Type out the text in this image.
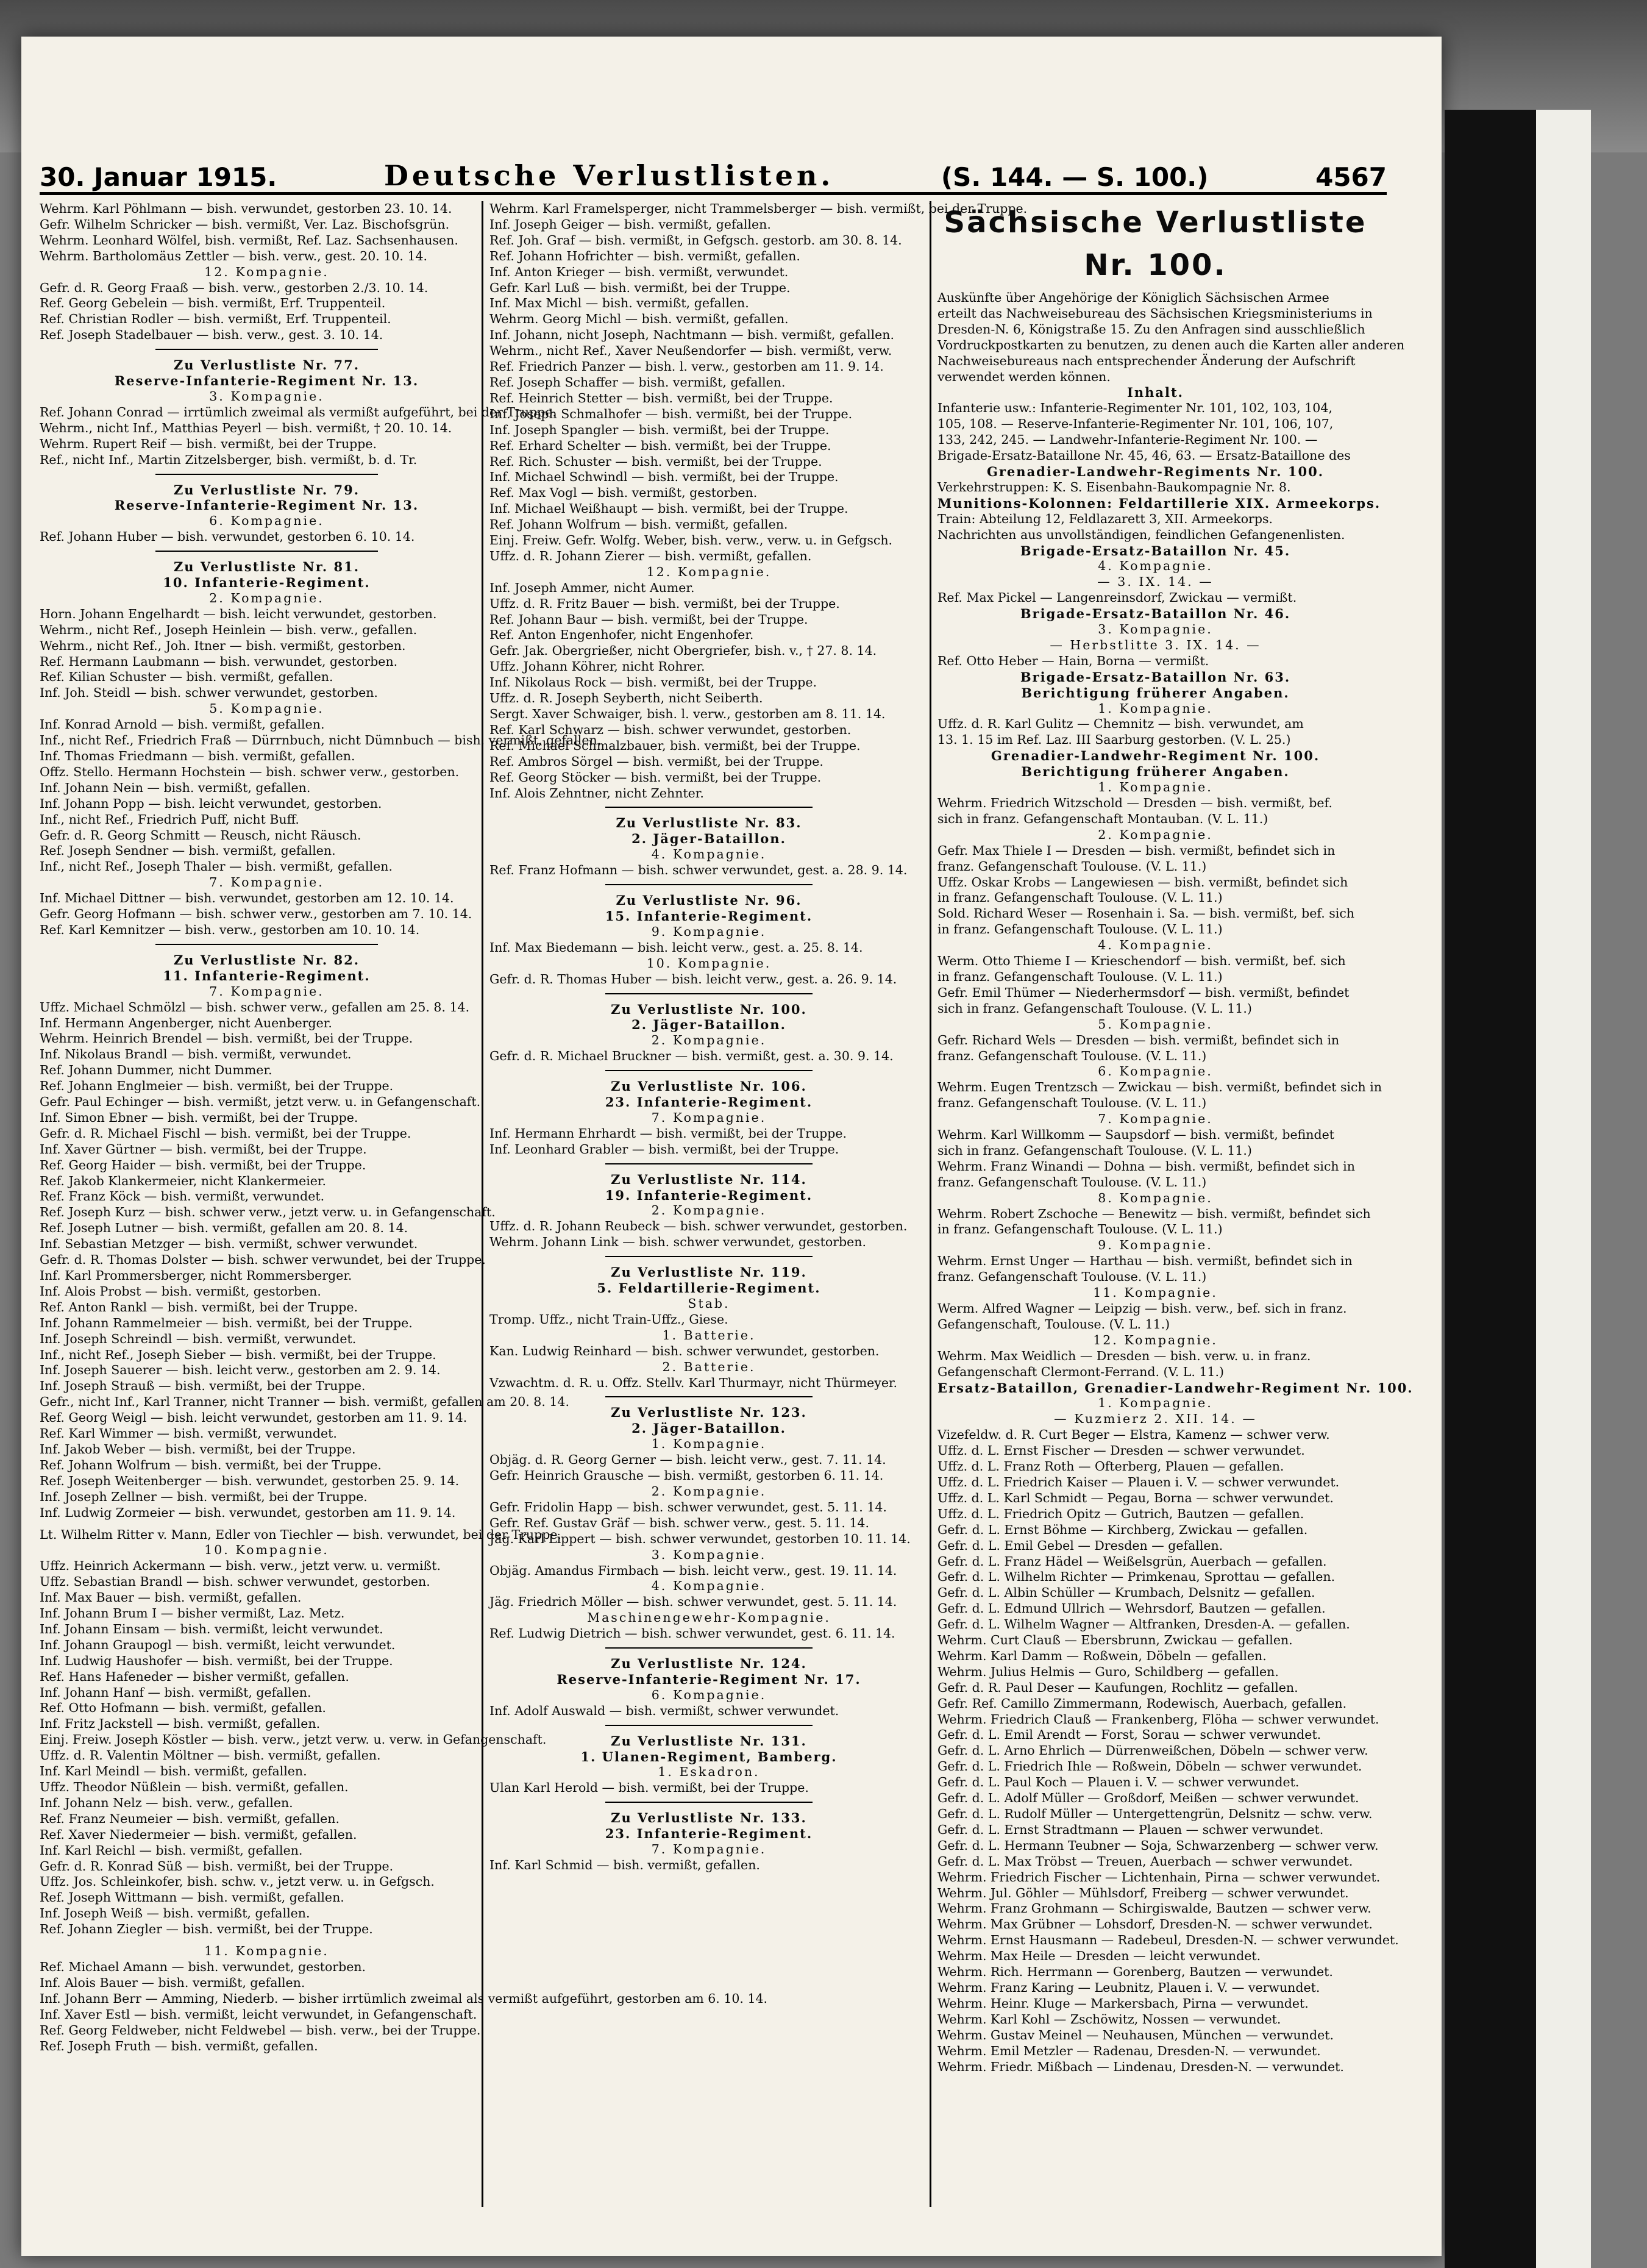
30. Januar 1915.	Deutsche Verlustlisten.	(S. 144. — S. 100.)	4567
Wehrm. Karl Pöhlmann — bish. verwundet, gestorben 23. 10. 14.
Gefr. Wilhelm Schricker — bish. vermißt, Ver. Laz. Bischofsgrün.
Wehrm. Leonhard Wölfel, bish. vermißt, Ref. Laz. Sachsenhausen.
Wehrm. Bartholomäus Zettler — bish. verw., gest. 20. 10. 14.
12. Kompagnie.
Gefr. d. R. Georg Fraaß — bish. verw., gestorben 2./3. 10. 14.
Ref. Georg Gebelein — bish. vermißt, Erf. Truppenteil.
Ref. Christian Rodler — bish. vermißt, Erf. Truppenteil.
Ref. Joseph Stadelbauer — bish. verw., gest. 3. 10. 14.
Zu Verlustliste Nr. 77.
Reserve-Infanterie-Regiment Nr. 13.
3. Kompagnie.
Ref. Johann Conrad — irrtümlich zweimal als vermißt aufgeführt, bei der Truppe.
Wehrm., nicht Inf., Matthias Peyerl — bish. vermißt, † 20. 10. 14.
Wehrm. Rupert Reif — bish. vermißt, bei der Truppe.
Ref., nicht Inf., Martin Zitzelsberger, bish. vermißt, b. d. Tr.
Zu Verlustliste Nr. 79.
Reserve-Infanterie-Regiment Nr. 13.
6. Kompagnie.
Ref. Johann Huber — bish. verwundet, gestorben 6. 10. 14.
Zu Verlustliste Nr. 81.
10. Infanterie-Regiment.
2. Kompagnie.
Horn. Johann Engelhardt — bish. leicht verwundet, gestorben.
Wehrm., nicht Ref., Joseph Heinlein — bish. verw., gefallen.
Wehrm., nicht Ref., Joh. Itner — bish. vermißt, gestorben.
Ref. Hermann Laubmann — bish. verwundet, gestorben.
Ref. Kilian Schuster — bish. vermißt, gefallen.
Inf. Joh. Steidl — bish. schwer verwundet, gestorben.
5. Kompagnie.
Inf. Konrad Arnold — bish. vermißt, gefallen.
Inf., nicht Ref., Friedrich Fraß — Dürrnbuch, nicht Dümnbuch — bish. vermißt, gefallen.
Inf. Thomas Friedmann — bish. vermißt, gefallen.
Offz. Stello. Hermann Hochstein — bish. schwer verw., gestorben.
Inf. Johann Nein — bish. vermißt, gefallen.
Inf. Johann Popp — bish. leicht verwundet, gestorben.
Inf., nicht Ref., Friedrich Puff, nicht Buff.
Gefr. d. R. Georg Schmitt — Reusch, nicht Räusch.
Ref. Joseph Sendner — bish. vermißt, gefallen.
Inf., nicht Ref., Joseph Thaler — bish. vermißt, gefallen.
7. Kompagnie.
Inf. Michael Dittner — bish. verwundet, gestorben am 12. 10. 14.
Gefr. Georg Hofmann — bish. schwer verw., gestorben am 7. 10. 14.
Ref. Karl Kemnitzer — bish. verw., gestorben am 10. 10. 14.
Zu Verlustliste Nr. 82.
11. Infanterie-Regiment.
7. Kompagnie.
Uffz. Michael Schmölzl — bish. schwer verw., gefallen am 25. 8. 14.
Inf. Hermann Angenberger, nicht Auenberger.
Wehrm. Heinrich Brendel — bish. vermißt, bei der Truppe.
Inf. Nikolaus Brandl — bish. vermißt, verwundet.
Ref. Johann Dummer, nicht Dummer.
Ref. Johann Englmeier — bish. vermißt, bei der Truppe.
Gefr. Paul Echinger — bish. vermißt, jetzt verw. u. in Gefangenschaft.
Inf. Simon Ebner — bish. vermißt, bei der Truppe.
Gefr. d. R. Michael Fischl — bish. vermißt, bei der Truppe.
Inf. Xaver Gürtner — bish. vermißt, bei der Truppe.
Ref. Georg Haider — bish. vermißt, bei der Truppe.
Ref. Jakob Klankermeier, nicht Klankermeier.
Ref. Franz Köck — bish. vermißt, verwundet.
Ref. Joseph Kurz — bish. schwer verw., jetzt verw. u. in Gefangenschaft.
Ref. Joseph Lutner — bish. vermißt, gefallen am 20. 8. 14.
Inf. Sebastian Metzger — bish. vermißt, schwer verwundet.
Gefr. d. R. Thomas Dolster — bish. schwer verwundet, bei der Truppe.
Inf. Karl Prommersberger, nicht Rommersberger.
Inf. Alois Probst — bish. vermißt, gestorben.
Ref. Anton Rankl — bish. vermißt, bei der Truppe.
Inf. Johann Rammelmeier — bish. vermißt, bei der Truppe.
Inf. Joseph Schreindl — bish. vermißt, verwundet.
Inf., nicht Ref., Joseph Sieber — bish. vermißt, bei der Truppe.
Inf. Joseph Sauerer — bish. leicht verw., gestorben am 2. 9. 14.
Inf. Joseph Strauß — bish. vermißt, bei der Truppe.
Gefr., nicht Inf., Karl Tranner, nicht Tranner — bish. vermißt, gefallen am 20. 8. 14.
Ref. Georg Weigl — bish. leicht verwundet, gestorben am 11. 9. 14.
Ref. Karl Wimmer — bish. vermißt, verwundet.
Inf. Jakob Weber — bish. vermißt, bei der Truppe.
Ref. Johann Wolfrum — bish. vermißt, bei der Truppe.
Ref. Joseph Weitenberger — bish. verwundet, gestorben 25. 9. 14.
Inf. Joseph Zellner — bish. vermißt, bei der Truppe.
Inf. Ludwig Zormeier — bish. verwundet, gestorben am 11. 9. 14.
Lt. Wilhelm Ritter v. Mann, Edler von Tiechler — bish. verwundet, bei der Truppe.
10. Kompagnie.
Uffz. Heinrich Ackermann — bish. verw., jetzt verw. u. vermißt.
Uffz. Sebastian Brandl — bish. schwer verwundet, gestorben.
Inf. Max Bauer — bish. vermißt, gefallen.
Inf. Johann Brum I — bisher vermißt, Laz. Metz.
Inf. Johann Einsam — bish. vermißt, leicht verwundet.
Inf. Johann Graupogl — bish. vermißt, leicht verwundet.
Inf. Ludwig Haushofer — bish. vermißt, bei der Truppe.
Ref. Hans Hafeneder — bisher vermißt, gefallen.
Inf. Johann Hanf — bish. vermißt, gefallen.
Ref. Otto Hofmann — bish. vermißt, gefallen.
Inf. Fritz Jackstell — bish. vermißt, gefallen.
Einj. Freiw. Joseph Köstler — bish. verw., jetzt verw. u. verw. in Gefangenschaft.
Uffz. d. R. Valentin Möltner — bish. vermißt, gefallen.
Inf. Karl Meindl — bish. vermißt, gefallen.
Uffz. Theodor Nüßlein — bish. vermißt, gefallen.
Inf. Johann Nelz — bish. verw., gefallen.
Ref. Franz Neumeier — bish. vermißt, gefallen.
Ref. Xaver Niedermeier — bish. vermißt, gefallen.
Inf. Karl Reichl — bish. vermißt, gefallen.
Gefr. d. R. Konrad Süß — bish. vermißt, bei der Truppe.
Uffz. Jos. Schleinkofer, bish. schw. v., jetzt verw. u. in Gefgsch.
Ref. Joseph Wittmann — bish. vermißt, gefallen.
Inf. Joseph Weiß — bish. vermißt, gefallen.
Ref. Johann Ziegler — bish. vermißt, bei der Truppe.
11. Kompagnie.
Ref. Michael Amann — bish. verwundet, gestorben.
Inf. Alois Bauer — bish. vermißt, gefallen.
Inf. Johann Berr — Amming, Niederb. — bisher irrtümlich zweimal als vermißt aufgeführt, gestorben am 6. 10. 14.
Inf. Xaver Estl — bish. vermißt, leicht verwundet, in Gefangenschaft.
Ref. Georg Feldweber, nicht Feldwebel — bish. verw., bei der Truppe.
Ref. Joseph Fruth — bish. vermißt, gefallen.
Wehrm. Karl Framelsperger, nicht Trammelsberger — bish. vermißt, bei der Truppe.
Inf. Joseph Geiger — bish. vermißt, gefallen.
Ref. Joh. Graf — bish. vermißt, in Gefgsch. gestorb. am 30. 8. 14.
Ref. Johann Hofrichter — bish. vermißt, gefallen.
Inf. Anton Krieger — bish. vermißt, verwundet.
Gefr. Karl Luß — bish. vermißt, bei der Truppe.
Inf. Max Michl — bish. vermißt, gefallen.
Wehrm. Georg Michl — bish. vermißt, gefallen.
Inf. Johann, nicht Joseph, Nachtmann — bish. vermißt, gefallen.
Wehrm., nicht Ref., Xaver Neußendorfer — bish. vermißt, verw.
Ref. Friedrich Panzer — bish. l. verw., gestorben am 11. 9. 14.
Ref. Joseph Schaffer — bish. vermißt, gefallen.
Ref. Heinrich Stetter — bish. vermißt, bei der Truppe.
Inf. Joseph Schmalhofer — bish. vermißt, bei der Truppe.
Inf. Joseph Spangler — bish. vermißt, bei der Truppe.
Ref. Erhard Schelter — bish. vermißt, bei der Truppe.
Ref. Rich. Schuster — bish. vermißt, bei der Truppe.
Inf. Michael Schwindl — bish. vermißt, bei der Truppe.
Ref. Max Vogl — bish. vermißt, gestorben.
Inf. Michael Weißhaupt — bish. vermißt, bei der Truppe.
Ref. Johann Wolfrum — bish. vermißt, gefallen.
Einj. Freiw. Gefr. Wolfg. Weber, bish. verw., verw. u. in Gefgsch.
Uffz. d. R. Johann Zierer — bish. vermißt, gefallen.
12. Kompagnie.
Inf. Joseph Ammer, nicht Aumer.
Uffz. d. R. Fritz Bauer — bish. vermißt, bei der Truppe.
Ref. Johann Baur — bish. vermißt, bei der Truppe.
Ref. Anton Engenhofer, nicht Engenhofer.
Gefr. Jak. Obergrießer, nicht Obergriefer, bish. v., † 27. 8. 14.
Uffz. Johann Köhrer, nicht Rohrer.
Inf. Nikolaus Rock — bish. vermißt, bei der Truppe.
Uffz. d. R. Joseph Seyberth, nicht Seiberth.
Sergt. Xaver Schwaiger, bish. l. verw., gestorben am 8. 11. 14.
Ref. Karl Schwarz — bish. schwer verwundet, gestorben.
Ref. Michael Schmalzbauer, bish. vermißt, bei der Truppe.
Ref. Ambros Sörgel — bish. vermißt, bei der Truppe.
Ref. Georg Stöcker — bish. vermißt, bei der Truppe.
Inf. Alois Zehntner, nicht Zehnter.
Zu Verlustliste Nr. 83.
2. Jäger-Bataillon.
4. Kompagnie.
Ref. Franz Hofmann — bish. schwer verwundet, gest. a. 28. 9. 14.
Zu Verlustliste Nr. 96.
15. Infanterie-Regiment.
9. Kompagnie.
Inf. Max Biedemann — bish. leicht verw., gest. a. 25. 8. 14.
10. Kompagnie.
Gefr. d. R. Thomas Huber — bish. leicht verw., gest. a. 26. 9. 14.
Zu Verlustliste Nr. 100.
2. Jäger-Bataillon.
2. Kompagnie.
Gefr. d. R. Michael Bruckner — bish. vermißt, gest. a. 30. 9. 14.
Zu Verlustliste Nr. 106.
23. Infanterie-Regiment.
7. Kompagnie.
Inf. Hermann Ehrhardt — bish. vermißt, bei der Truppe.
Inf. Leonhard Grabler — bish. vermißt, bei der Truppe.
Zu Verlustliste Nr. 114.
19. Infanterie-Regiment.
2. Kompagnie.
Uffz. d. R. Johann Reubeck — bish. schwer verwundet, gestorben.
Wehrm. Johann Link — bish. schwer verwundet, gestorben.
Zu Verlustliste Nr. 119.
5. Feldartillerie-Regiment.
Stab.
Tromp. Uffz., nicht Train-Uffz., Giese.
1. Batterie.
Kan. Ludwig Reinhard — bish. schwer verwundet, gestorben.
2. Batterie.
Vzwachtm. d. R. u. Offz. Stellv. Karl Thurmayr, nicht Thürmeyer.
Zu Verlustliste Nr. 123.
2. Jäger-Bataillon.
1. Kompagnie.
Objäg. d. R. Georg Gerner — bish. leicht verw., gest. 7. 11. 14.
Gefr. Heinrich Grausche — bish. vermißt, gestorben 6. 11. 14.
2. Kompagnie.
Gefr. Fridolin Happ — bish. schwer verwundet, gest. 5. 11. 14.
Gefr. Ref. Gustav Gräf — bish. schwer verw., gest. 5. 11. 14.
Jäg. Karl Lippert — bish. schwer verwundet, gestorben 10. 11. 14.
3. Kompagnie.
Objäg. Amandus Firmbach — bish. leicht verw., gest. 19. 11. 14.
4. Kompagnie.
Jäg. Friedrich Möller — bish. schwer verwundet, gest. 5. 11. 14.
Maschinengewehr-Kompagnie.
Ref. Ludwig Dietrich — bish. schwer verwundet, gest. 6. 11. 14.
Zu Verlustliste Nr. 124.
Reserve-Infanterie-Regiment Nr. 17.
6. Kompagnie.
Inf. Adolf Auswald — bish. vermißt, schwer verwundet.
Zu Verlustliste Nr. 131.
1. Ulanen-Regiment, Bamberg.
1. Eskadron.
Ulan Karl Herold — bish. vermißt, bei der Truppe.
Zu Verlustliste Nr. 133.
23. Infanterie-Regiment.
7. Kompagnie.
Inf. Karl Schmid — bish. vermißt, gefallen.
Sächsische Verlustliste Nr. 100.
Auskünfte über Angehörige der Königlich Sächsischen Armee
erteilt das Nachweisebureau des Sächsischen Kriegsministeriums in
Dresden-N. 6, Königstraße 15. Zu den Anfragen sind ausschließlich
Vordruckpostkarten zu benutzen, zu denen auch die Karten aller anderen
Nachweisebureaus nach entsprechender Änderung der Aufschrift
verwendet werden können.
Inhalt.
Infanterie usw.: Infanterie-Regimenter Nr. 101, 102, 103, 104,
105, 108. — Reserve-Infanterie-Regimenter Nr. 101, 106, 107,
133, 242, 245. — Landwehr-Infanterie-Regiment Nr. 100. —
Brigade-Ersatz-Bataillone Nr. 45, 46, 63. — Ersatz-Bataillone des
Grenadier-Landwehr-Regiments Nr. 100.
Verkehrstruppen: K. S. Eisenbahn-Baukompagnie Nr. 8.
Munitions-Kolonnen: Feldartillerie XIX. Armeekorps.
Train: Abteilung 12, Feldlazarett 3, XII. Armeekorps.
Nachrichten aus unvollständigen, feindlichen Gefangenenlisten.
Brigade-Ersatz-Bataillon Nr. 45.
4. Kompagnie.
— 3. IX. 14. —
Ref. Max Pickel — Langenreinsdorf, Zwickau — vermißt.
Brigade-Ersatz-Bataillon Nr. 46.
3. Kompagnie.
— Herbstlitte 3. IX. 14. —
Ref. Otto Heber — Hain, Borna — vermißt.
Brigade-Ersatz-Bataillon Nr. 63.
Berichtigung früherer Angaben.
1. Kompagnie.
Uffz. d. R. Karl Gulitz — Chemnitz — bish. verwundet, am
13. 1. 15 im Ref. Laz. III Saarburg gestorben. (V. L. 25.)
Grenadier-Landwehr-Regiment Nr. 100.
Berichtigung früherer Angaben.
1. Kompagnie.
Wehrm. Friedrich Witzschold — Dresden — bish. vermißt, bef.
sich in franz. Gefangenschaft Montauban. (V. L. 11.)
2. Kompagnie.
Gefr. Max Thiele I — Dresden — bish. vermißt, befindet sich in
franz. Gefangenschaft Toulouse. (V. L. 11.)
Uffz. Oskar Krobs — Langewiesen — bish. vermißt, befindet sich
in franz. Gefangenschaft Toulouse. (V. L. 11.)
Sold. Richard Weser — Rosenhain i. Sa. — bish. vermißt, bef. sich
in franz. Gefangenschaft Toulouse. (V. L. 11.)
4. Kompagnie.
Werm. Otto Thieme I — Krieschendorf — bish. vermißt, bef. sich
in franz. Gefangenschaft Toulouse. (V. L. 11.)
Gefr. Emil Thümer — Niederhermsdorf — bish. vermißt, befindet
sich in franz. Gefangenschaft Toulouse. (V. L. 11.)
5. Kompagnie.
Gefr. Richard Wels — Dresden — bish. vermißt, befindet sich in
franz. Gefangenschaft Toulouse. (V. L. 11.)
6. Kompagnie.
Wehrm. Eugen Trentzsch — Zwickau — bish. vermißt, befindet sich in
franz. Gefangenschaft Toulouse. (V. L. 11.)
7. Kompagnie.
Wehrm. Karl Willkomm — Saupsdorf — bish. vermißt, befindet
sich in franz. Gefangenschaft Toulouse. (V. L. 11.)
Wehrm. Franz Winandi — Dohna — bish. vermißt, befindet sich in
franz. Gefangenschaft Toulouse. (V. L. 11.)
8. Kompagnie.
Wehrm. Robert Zschoche — Benewitz — bish. vermißt, befindet sich
in franz. Gefangenschaft Toulouse. (V. L. 11.)
9. Kompagnie.
Wehrm. Ernst Unger — Harthau — bish. vermißt, befindet sich in
franz. Gefangenschaft Toulouse. (V. L. 11.)
11. Kompagnie.
Werm. Alfred Wagner — Leipzig — bish. verw., bef. sich in franz.
Gefangenschaft, Toulouse. (V. L. 11.)
12. Kompagnie.
Wehrm. Max Weidlich — Dresden — bish. verw. u. in franz.
Gefangenschaft Clermont-Ferrand. (V. L. 11.)
Ersatz-Bataillon, Grenadier-Landwehr-Regiment Nr. 100.
1. Kompagnie.
— Kuzmierz 2. XII. 14. —
Vizefeldw. d. R. Curt Beger — Elstra, Kamenz — schwer verw.
Uffz. d. L. Ernst Fischer — Dresden — schwer verwundet.
Uffz. d. L. Franz Roth — Ofterberg, Plauen — gefallen.
Uffz. d. L. Friedrich Kaiser — Plauen i. V. — schwer verwundet.
Uffz. d. L. Karl Schmidt — Pegau, Borna — schwer verwundet.
Uffz. d. L. Friedrich Opitz — Gutrich, Bautzen — gefallen.
Gefr. d. L. Ernst Böhme — Kirchberg, Zwickau — gefallen.
Gefr. d. L. Emil Gebel — Dresden — gefallen.
Gefr. d. L. Franz Hädel — Weißelsgrün, Auerbach — gefallen.
Gefr. d. L. Wilhelm Richter — Primkenau, Sprottau — gefallen.
Gefr. d. L. Albin Schüller — Krumbach, Delsnitz — gefallen.
Gefr. d. L. Edmund Ullrich — Wehrsdorf, Bautzen — gefallen.
Gefr. d. L. Wilhelm Wagner — Altfranken, Dresden-A. — gefallen.
Wehrm. Curt Clauß — Ebersbrunn, Zwickau — gefallen.
Wehrm. Karl Damm — Roßwein, Döbeln — gefallen.
Wehrm. Julius Helmis — Guro, Schildberg — gefallen.
Gefr. d. R. Paul Deser — Kaufungen, Rochlitz — gefallen.
Gefr. Ref. Camillo Zimmermann, Rodewisch, Auerbach, gefallen.
Wehrm. Friedrich Clauß — Frankenberg, Flöha — schwer verwundet.
Gefr. d. L. Emil Arendt — Forst, Sorau — schwer verwundet.
Gefr. d. L. Arno Ehrlich — Dürrenweißchen, Döbeln — schwer verw.
Gefr. d. L. Friedrich Ihle — Roßwein, Döbeln — schwer verwundet.
Gefr. d. L. Paul Koch — Plauen i. V. — schwer verwundet.
Gefr. d. L. Adolf Müller — Großdorf, Meißen — schwer verwundet.
Gefr. d. L. Rudolf Müller — Untergettengrün, Delsnitz — schw. verw.
Gefr. d. L. Ernst Stradtmann — Plauen — schwer verwundet.
Gefr. d. L. Hermann Teubner — Soja, Schwarzenberg — schwer verw.
Gefr. d. L. Max Tröbst — Treuen, Auerbach — schwer verwundet.
Wehrm. Friedrich Fischer — Lichtenhain, Pirna — schwer verwundet.
Wehrm. Jul. Göhler — Mühlsdorf, Freiberg — schwer verwundet.
Wehrm. Franz Grohmann — Schirgiswalde, Bautzen — schwer verw.
Wehrm. Max Grübner — Lohsdorf, Dresden-N. — schwer verwundet.
Wehrm. Ernst Hausmann — Radebeul, Dresden-N. — schwer verwundet.
Wehrm. Max Heile — Dresden — leicht verwundet.
Wehrm. Rich. Herrmann — Gorenberg, Bautzen — verwundet.
Wehrm. Franz Karing — Leubnitz, Plauen i. V. — verwundet.
Wehrm. Heinr. Kluge — Markersbach, Pirna — verwundet.
Wehrm. Karl Kohl — Zschöwitz, Nossen — verwundet.
Wehrm. Gustav Meinel — Neuhausen, München — verwundet.
Wehrm. Emil Metzler — Radenau, Dresden-N. — verwundet.
Wehrm. Friedr. Mißbach — Lindenau, Dresden-N. — verwundet.
